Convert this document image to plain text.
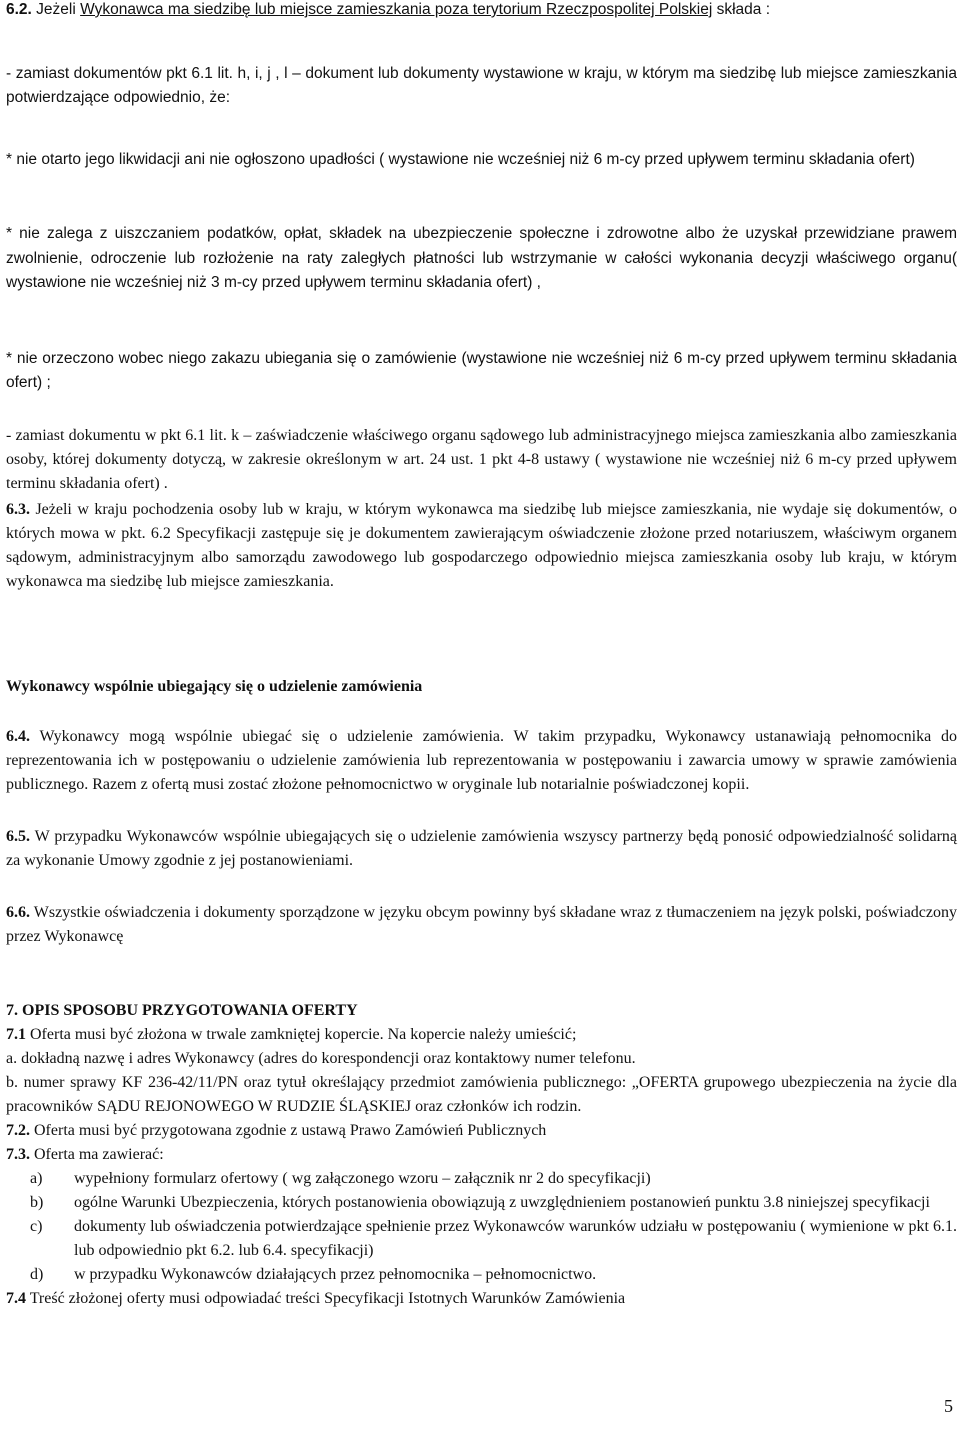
6.2. Jeżeli Wykonawca ma siedzibę lub miejsce zamieszkania poza terytorium Rzeczpospolitej Polskiej składa :

- zamiast dokumentów pkt 6.1 lit. h, i, j , l – dokument lub dokumenty wystawione w kraju, w którym ma siedzibę lub miejsce zamieszkania potwierdzające odpowiednio, że:

* nie otarto jego likwidacji ani nie ogłoszono upadłości ( wystawione nie wcześniej niż 6 m-cy przed upływem terminu składania ofert)

* nie zalega z uiszczaniem podatków, opłat, składek na ubezpieczenie społeczne i zdrowotne albo że uzyskał przewidziane prawem zwolnienie, odroczenie lub rozłożenie na raty zaległych płatności lub wstrzymanie w całości wykonania decyzji właściwego organu( wystawione nie wcześniej niż 3 m-cy przed upływem terminu składania ofert) ,

* nie orzeczono wobec niego zakazu ubiegania się o zamówienie (wystawione nie wcześniej niż 6 m-cy przed upływem terminu składania ofert) ;

- zamiast dokumentu w pkt 6.1 lit. k – zaświadczenie właściwego organu sądowego lub administracyjnego miejsca zamieszkania albo zamieszkania osoby, której dokumenty dotyczą, w zakresie określonym w art. 24 ust. 1 pkt 4-8 ustawy ( wystawione nie wcześniej niż 6 m-cy przed upływem terminu składania ofert) .

6.3. Jeżeli w kraju pochodzenia osoby lub w kraju, w którym wykonawca ma siedzibę lub miejsce zamieszkania, nie wydaje się dokumentów, o których mowa w pkt. 6.2 Specyfikacji zastępuje się je dokumentem zawierającym oświadczenie złożone przed notariuszem, właściwym organem sądowym, administracyjnym albo samorządu zawodowego lub gospodarczego odpowiednio miejsca zamieszkania osoby lub kraju, w którym wykonawca ma siedzibę lub miejsce zamieszkania.

Wykonawcy wspólnie ubiegający się o udzielenie zamówienia

6.4. Wykonawcy mogą wspólnie ubiegać się o udzielenie zamówienia. W takim przypadku, Wykonawcy ustanawiają pełnomocnika do reprezentowania ich w postępowaniu o udzielenie zamówienia lub reprezentowania w postępowaniu i zawarcia umowy w sprawie zamówienia publicznego. Razem z ofertą musi zostać złożone pełnomocnictwo w oryginale lub notarialnie poświadczonej kopii.

6.5. W przypadku Wykonawców wspólnie ubiegających się o udzielenie zamówienia wszyscy partnerzy będą ponosić odpowiedzialność solidarną za wykonanie Umowy zgodnie z jej postanowieniami.

6.6. Wszystkie oświadczenia i dokumenty sporządzone w języku obcym powinny byś składane wraz z tłumaczeniem na język polski, poświadczony przez Wykonawcę

7. OPIS SPOSOBU PRZYGOTOWANIA OFERTY

7.1 Oferta musi być złożona w trwale zamkniętej kopercie. Na kopercie należy umieścić;

a. dokładną nazwę i adres Wykonawcy (adres do korespondencji oraz kontaktowy numer telefonu.

b. numer sprawy KF 236-42/11/PN oraz tytuł określający przedmiot zamówienia publicznego: „OFERTA grupowego ubezpieczenia na życie dla pracowników SĄDU REJONOWEGO W RUDZIE ŚLĄSKIEJ oraz członków ich rodzin.

7.2. Oferta musi być przygotowana zgodnie z ustawą Prawo Zamówień Publicznych

7.3. Oferta ma zawierać:

a)	wypełniony formularz ofertowy ( wg załączonego wzoru – załącznik nr 2 do specyfikacji)
b)	ogólne Warunki Ubezpieczenia, których postanowienia obowiązują z uwzględnieniem postanowień punktu 3.8 niniejszej specyfikacji
c)	dokumenty lub oświadczenia potwierdzające spełnienie przez Wykonawców warunków udziału w postępowaniu ( wymienione w pkt 6.1. lub odpowiednio pkt 6.2. lub 6.4. specyfikacji)
d)	w przypadku Wykonawców działających przez pełnomocnika – pełnomocnictwo.

7.4 Treść złożonej oferty musi odpowiadać treści Specyfikacji Istotnych Warunków Zamówienia

5
